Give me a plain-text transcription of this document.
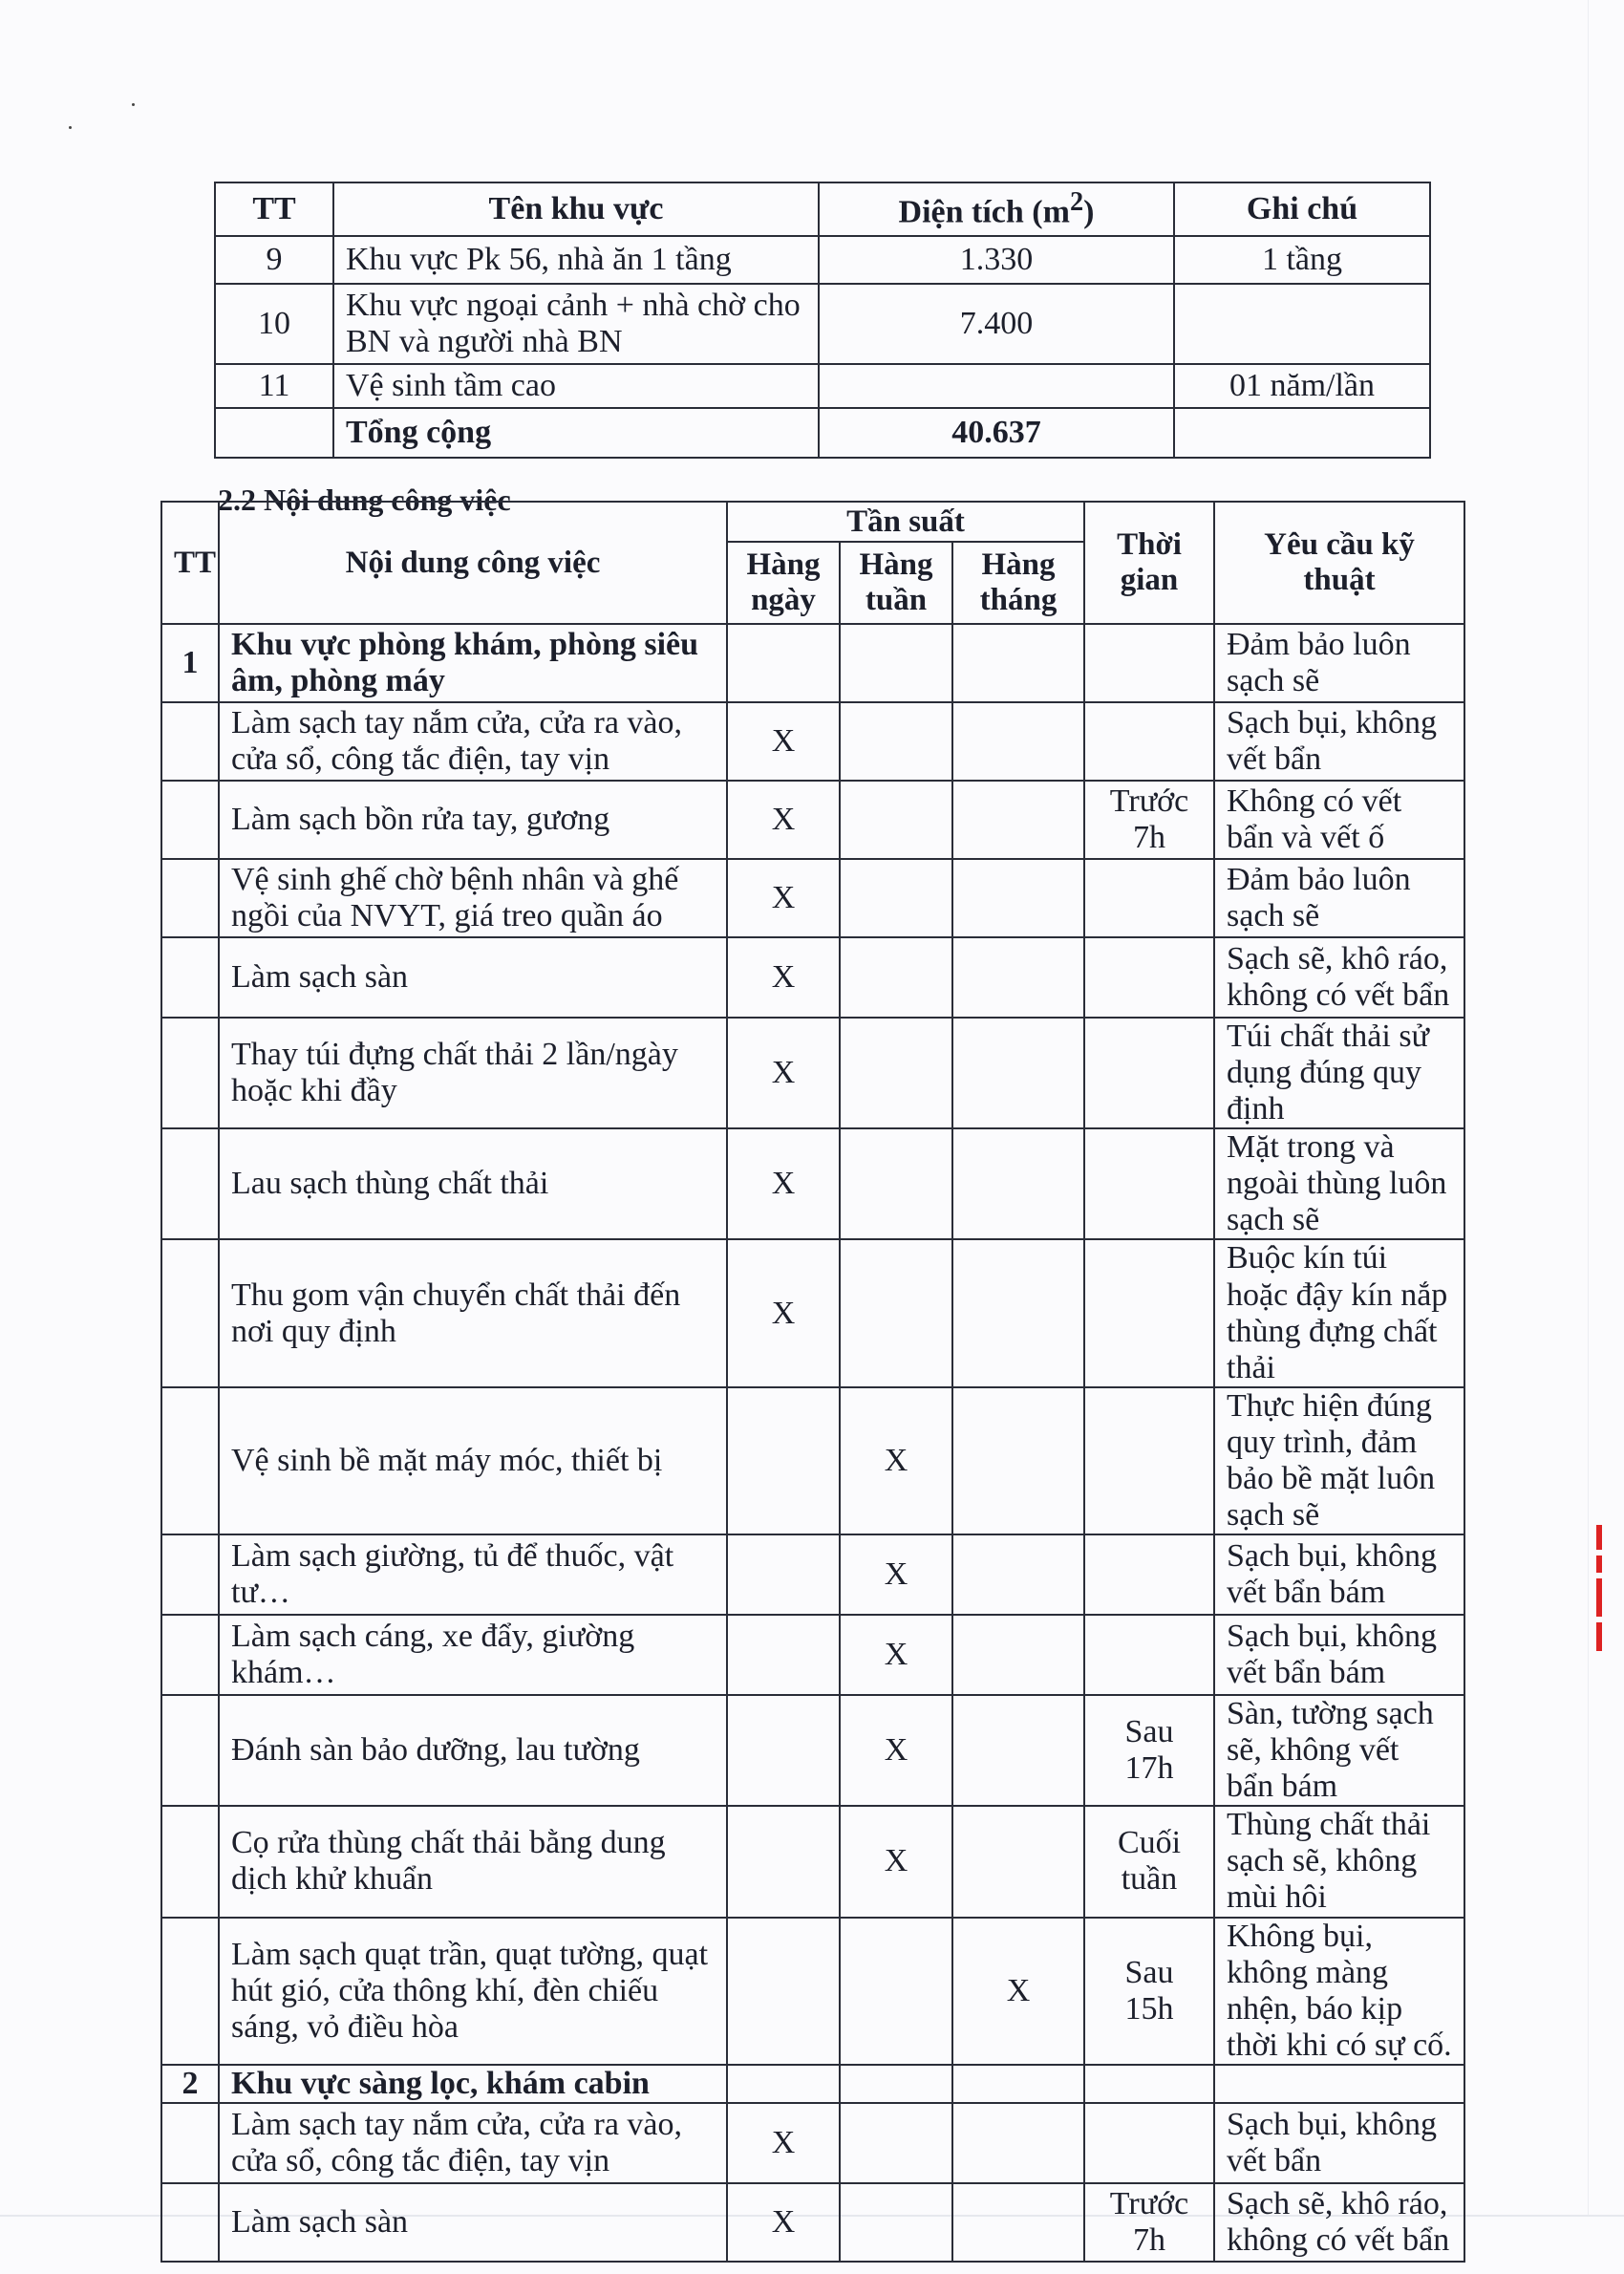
TT	Tên khu vực	Diện tích $(m^2)$	Ghi chú
9	Khu vực Pk 56, nhà ăn 1 tầng	1.330	1 tầng
10	Khu vực ngoại cảnh + nhà chờ cho BN và người nhà BN	7.400	
11	Vệ sinh tầm cao		01 năm/lần
	Tổng cộng	40.637	

2.2 Nội dung công việc

TT	Nội dung công việc	Tần suất			Thời gian	Yêu cầu kỹ thuật
		Hàng ngày	Hàng tuần	Hàng tháng		
1	Khu vực phòng khám, phòng siêu âm, phòng máy					Đảm bảo luôn sạch sẽ
	Làm sạch tay nắm cửa, cửa ra vào, cửa sổ, công tắc điện, tay vịn	X				Sạch bụi, không vết bẩn
	Làm sạch bồn rửa tay, gương	X			Trước 7h	Không có vết bẩn và vết ố
	Vệ sinh ghế chờ bệnh nhân và ghế ngồi của NVYT, giá treo quần áo	X				Đảm bảo luôn sạch sẽ
	Làm sạch sàn	X				Sạch sẽ, khô ráo, không có vết bẩn
	Thay túi đựng chất thải 2 lần/ngày hoặc khi đầy	X				Túi chất thải sử dụng đúng quy định
	Lau sạch thùng chất thải	X				Mặt trong và ngoài thùng luôn sạch sẽ
	Thu gom vận chuyển chất thải đến nơi quy định	X				Buộc kín túi hoặc đậy kín nắp thùng đựng chất thải
	Vệ sinh bề mặt máy móc, thiết bị		X			Thực hiện đúng quy trình, đảm bảo bề mặt luôn sạch sẽ
	Làm sạch giường, tủ để thuốc, vật tư…		X			Sạch bụi, không vết bẩn bám
	Làm sạch cáng, xe đẩy, giường khám…		X			Sạch bụi, không vết bẩn bám
	Đánh sàn bảo dưỡng, lau tường		X		Sau 17h	Sàn, tường sạch sẽ, không vết bẩn bám
	Cọ rửa thùng chất thải bằng dung dịch khử khuẩn		X		Cuối tuần	Thùng chất thải sạch sẽ, không mùi hôi
	Làm sạch quạt trần, quạt tường, quạt hút gió, cửa thông khí, đèn chiếu sáng, vỏ điều hòa			X	Sau 15h	Không bụi, không màng nhện, báo kịp thời khi có sự cố.
2	Khu vực sàng lọc, khám cabin					
	Làm sạch tay nắm cửa, cửa ra vào, cửa sổ, công tắc điện, tay vịn	X				Sạch bụi, không vết bẩn
	Làm sạch sàn	X			Trước 7h	Sạch sẽ, khô ráo, không có vết bẩn
